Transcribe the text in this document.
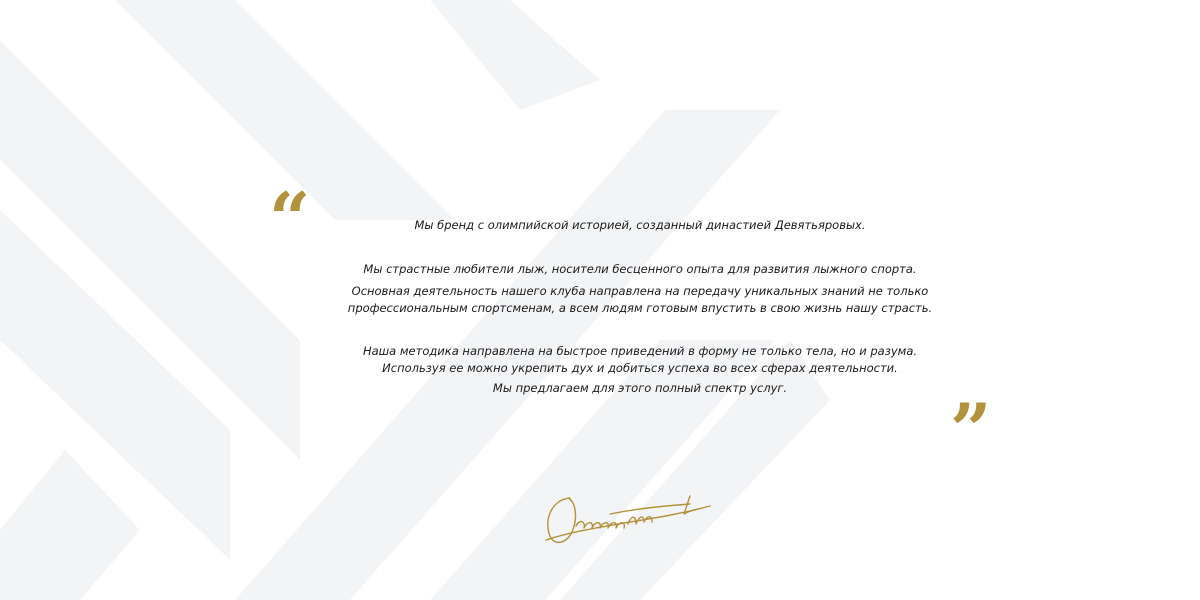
“	Мы бренд с олимпийской историей, созданный династией Девятьяровых.

Мы страстные любители лыж, носители бесценного опыта для развития лыжного спорта.

Основная деятельность нашего клуба направлена на передачу уникальных знаний не только
профессиональным спортсменам, а всем людям готовым впустить в свою жизнь нашу страсть.

Наша методика направлена на быстрое приведений в форму не только тела, но и разума.
Используя ее можно укрепить дух и добиться успеха во всех сферах деятельности.

Мы предлагаем для этого полный спектр услуг.	”
